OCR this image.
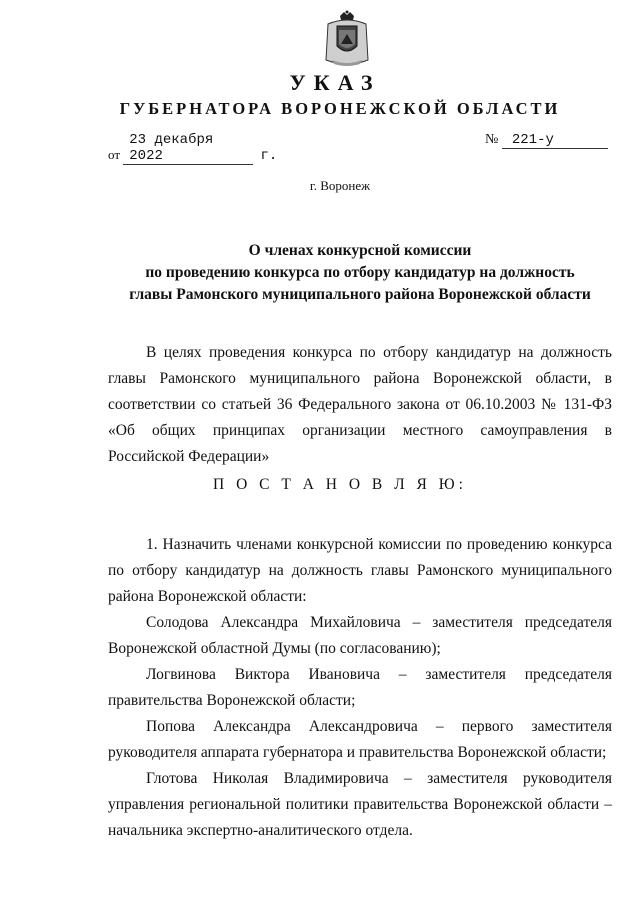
УКАЗ
ГУБЕРНАТОРА ВОРОНЕЖСКОЙ ОБЛАСТИ
от 23 декабря 2022	г.
№ 221-у
г. Воронеж
О членах конкурсной комиссии
по проведению конкурса по отбору кандидатур на должность
главы Рамонского муниципального района Воронежской области

В целях проведения конкурса по отбору кандидатур на должность главы Рамонского муниципального района Воронежской области, в соответствии со статьей 36 Федерального закона от 06.10.2003 № 131-ФЗ «Об общих принципах организации местного самоуправления в Российской Федерации»

П О С Т А Н О В Л Я Ю:

1. Назначить членами конкурсной комиссии по проведению конкурса по отбору кандидатур на должность главы Рамонского муниципального района Воронежской области:

Солодова Александра Михайловича – заместителя председателя Воронежской областной Думы (по согласованию);

Логвинова Виктора Ивановича – заместителя председателя правительства Воронежской области;

Попова Александра Александровича – первого заместителя руководителя аппарата губернатора и правительства Воронежской области;

Глотова Николая Владимировича – заместителя руководителя управления региональной политики правительства Воронежской области – начальника экспертно-аналитического отдела.
